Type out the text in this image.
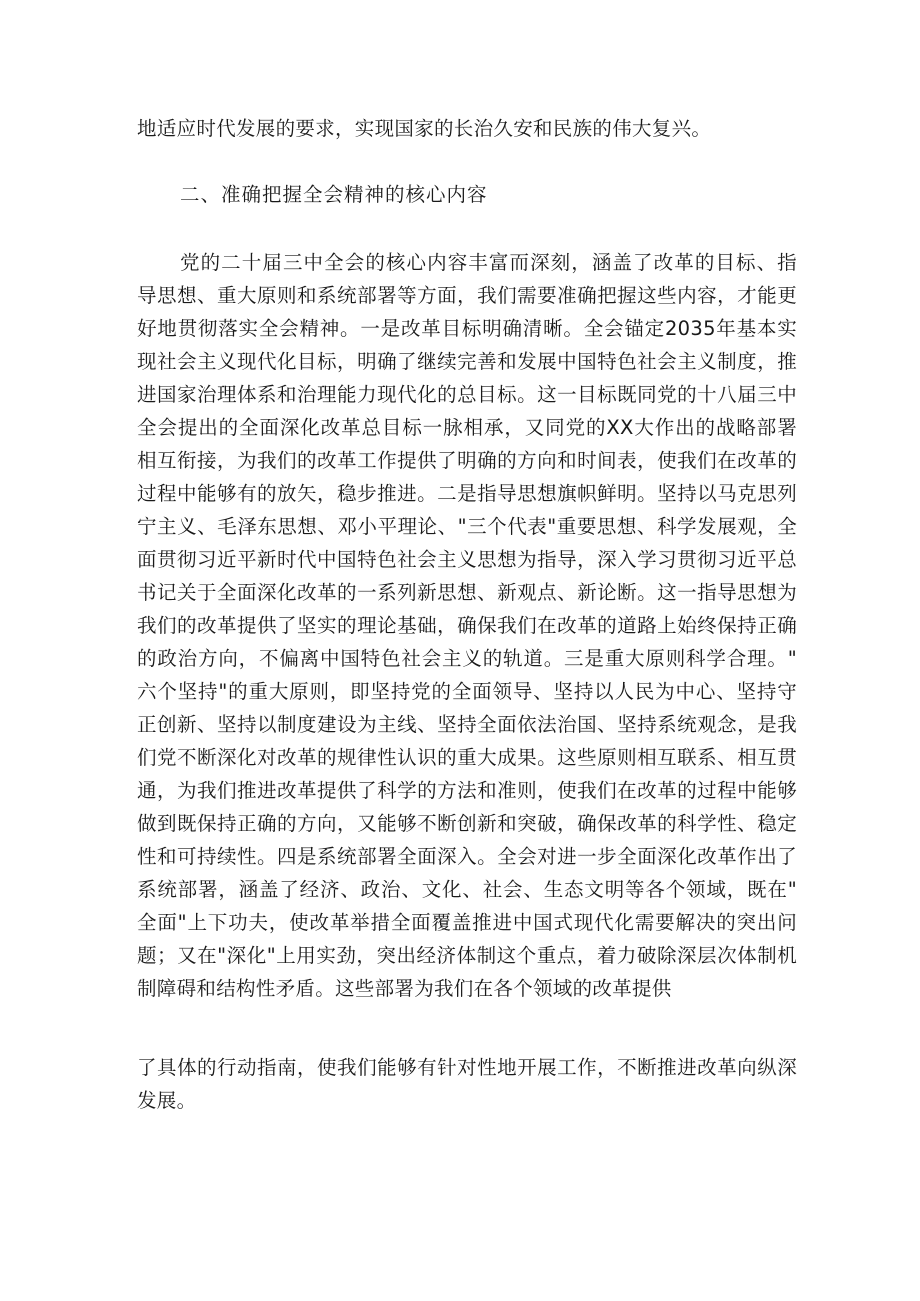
地适应时代发展的要求，实现国家的长治久安和民族的伟大复兴。
二、准确把握全会精神的核心内容
党的二十届三中全会的核心内容丰富而深刻，涵盖了改革的目标、指
导思想、重大原则和系统部署等方面，我们需要准确把握这些内容，才能更
好地贯彻落实全会精神。一是改革目标明确清晰。全会锚定2035年基本实
现社会主义现代化目标，明确了继续完善和发展中国特色社会主义制度，推
进国家治理体系和治理能力现代化的总目标。这一目标既同党的十八届三中
全会提出的全面深化改革总目标一脉相承，又同党的XX大作出的战略部署
相互衔接，为我们的改革工作提供了明确的方向和时间表，使我们在改革的
过程中能够有的放矢，稳步推进。二是指导思想旗帜鲜明。坚持以马克思列
宁主义、毛泽东思想、邓小平理论、"三个代表"重要思想、科学发展观，全
面贯彻习近平新时代中国特色社会主义思想为指导，深入学习贯彻习近平总
书记关于全面深化改革的一系列新思想、新观点、新论断。这一指导思想为
我们的改革提供了坚实的理论基础，确保我们在改革的道路上始终保持正确
的政治方向，不偏离中国特色社会主义的轨道。三是重大原则科学合理。"
六个坚持"的重大原则，即坚持党的全面领导、坚持以人民为中心、坚持守
正创新、坚持以制度建设为主线、坚持全面依法治国、坚持系统观念，是我
们党不断深化对改革的规律性认识的重大成果。这些原则相互联系、相互贯
通，为我们推进改革提供了科学的方法和准则，使我们在改革的过程中能够
做到既保持正确的方向，又能够不断创新和突破，确保改革的科学性、稳定
性和可持续性。四是系统部署全面深入。全会对进一步全面深化改革作出了
系统部署，涵盖了经济、政治、文化、社会、生态文明等各个领域，既在"
全面"上下功夫，使改革举措全面覆盖推进中国式现代化需要解决的突出问
题；又在"深化"上用实劲，突出经济体制这个重点，着力破除深层次体制机
制障碍和结构性矛盾。这些部署为我们在各个领域的改革提供
了具体的行动指南，使我们能够有针对性地开展工作，不断推进改革向纵深
发展。
